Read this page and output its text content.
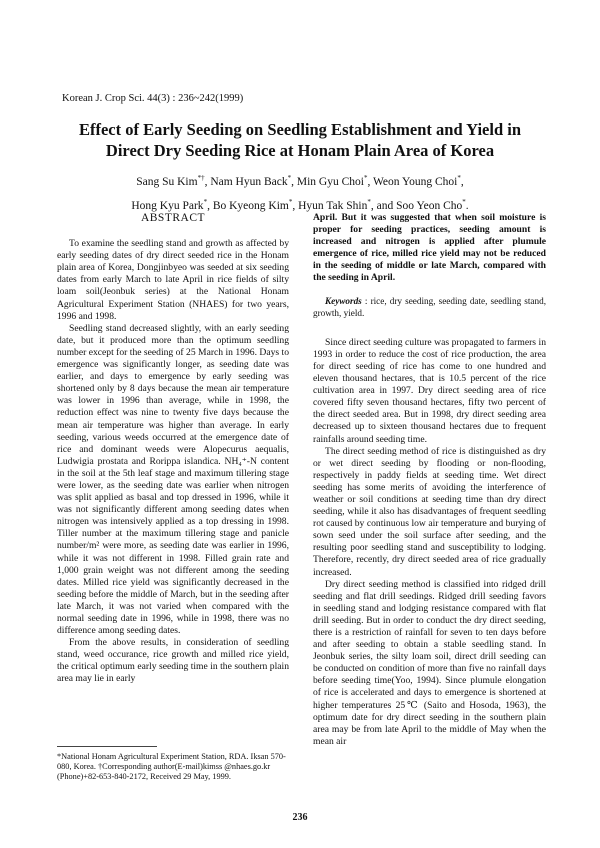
Korean J. Crop Sci. 44(3) : 236~242(1999)
Effect of Early Seeding on Seedling Establishment and Yield in
Direct Dry Seeding Rice at Honam Plain Area of Korea
Sang Su Kim*†, Nam Hyun Back*, Min Gyu Choi*, Weon Young Choi*,
Hong Kyu Park*, Bo Kyeong Kim*, Hyun Tak Shin*, and Soo Yeon Cho*.
ABSTRACT

To examine the seedling stand and growth as affected by early seeding dates of dry direct seeded rice in the Honam plain area of Korea, Dongjinbyeo was seeded at six seeding dates from early March to late April in rice fields of silty loam soil(Jeonbuk series) at the National Honam Agricultural Experiment Station (NHAES) for two years, 1996 and 1998.

Seedling stand decreased slightly, with an early seeding date, but it produced more than the optimum seedling number except for the seeding of 25 March in 1996. Days to emergence was significantly longer, as seeding date was earlier, and days to emergence by early seeding was shortened only by 8 days because the mean air temperature was lower in 1996 than average, while in 1998, the reduction effect was nine to twenty five days because the mean air temperature was higher than average. In early seeding, various weeds occurred at the emergence date of rice and dominant weeds were Alopecurus aequalis, Ludwigia prostata and Rorippa islandica. NH₄⁺-N content in the soil at the 5th leaf stage and maximum tillering stage were lower, as the seeding date was earlier when nitrogen was split applied as basal and top dressed in 1996, while it was not significantly different among seeding dates when nitrogen was intensively applied as a top dressing in 1998. Tiller number at the maximum tillering stage and panicle number/m² were more, as seeding date was earlier in 1996, while it was not different in 1998. Filled grain rate and 1,000 grain weight was not different among the seeding dates. Milled rice yield was significantly decreased in the seeding before the middle of March, but in the seeding after late March, it was not varied when compared with the normal seeding date in 1996, while in 1998, there was no difference among seeding dates.

From the above results, in consideration of seedling stand, weed occurance, rice growth and milled rice yield, the critical optimum early seeding time in the southern plain area may lie in early

April. But it was suggested that when soil moisture is proper for seeding practices, seeding amount is increased and nitrogen is applied after plumule emergence of rice, milled rice yield may not be reduced in the seeding of middle or late March, compared with the seeding in April.

Keywords : rice, dry seeding, seeding date, seedling stand, growth, yield.

Since direct seeding culture was propagated to farmers in 1993 in order to reduce the cost of rice production, the area for direct seeding of rice has come to one hundred and eleven thousand hectares, that is 10.5 percent of the rice cultivation area in 1997. Dry direct seeding area of rice covered fifty seven thousand hectares, fifty two percent of the direct seeded area. But in 1998, dry direct seeding area decreased up to sixteen thousand hectares due to frequent rainfalls around seeding time.

The direct seeding method of rice is distinguished as dry or wet direct seeding by flooding or non-flooding, respectively in paddy fields at seeding time. Wet direct seeding has some merits of avoiding the interference of weather or soil conditions at seeding time than dry direct seeding, while it also has disadvantages of frequent seedling rot caused by continuous low air temperature and burying of sown seed under the soil surface after seeding, and the resulting poor seedling stand and susceptibility to lodging. Therefore, recently, dry direct seeded area of rice gradually increased.

Dry direct seeding method is classified into ridged drill seeding and flat drill seedings. Ridged drill seeding favors in seedling stand and lodging resistance compared with flat drill seeding. But in order to conduct the dry direct seeding, there is a restriction of rainfall for seven to ten days before and after seeding to obtain a stable seedling stand. In Jeonbuk series, the silty loam soil, direct drill seeding can be conducted on condition of more than five no rainfall days before seeding time(Yoo, 1994). Since plumule elongation of rice is accelerated and days to emergence is shortened at higher temperatures 25℃ (Saito and Hosoda, 1963), the optimum date for dry direct seeding in the southern plain area may be from late April to the middle of May when the mean air

*National Honam Agricultural Experiment Station, RDA. Iksan 570-080, Korea. †Corresponding author(E-mail)kimss @nhaes.go.kr (Phone)+82-653-840-2172, Received 29 May, 1999.
236
